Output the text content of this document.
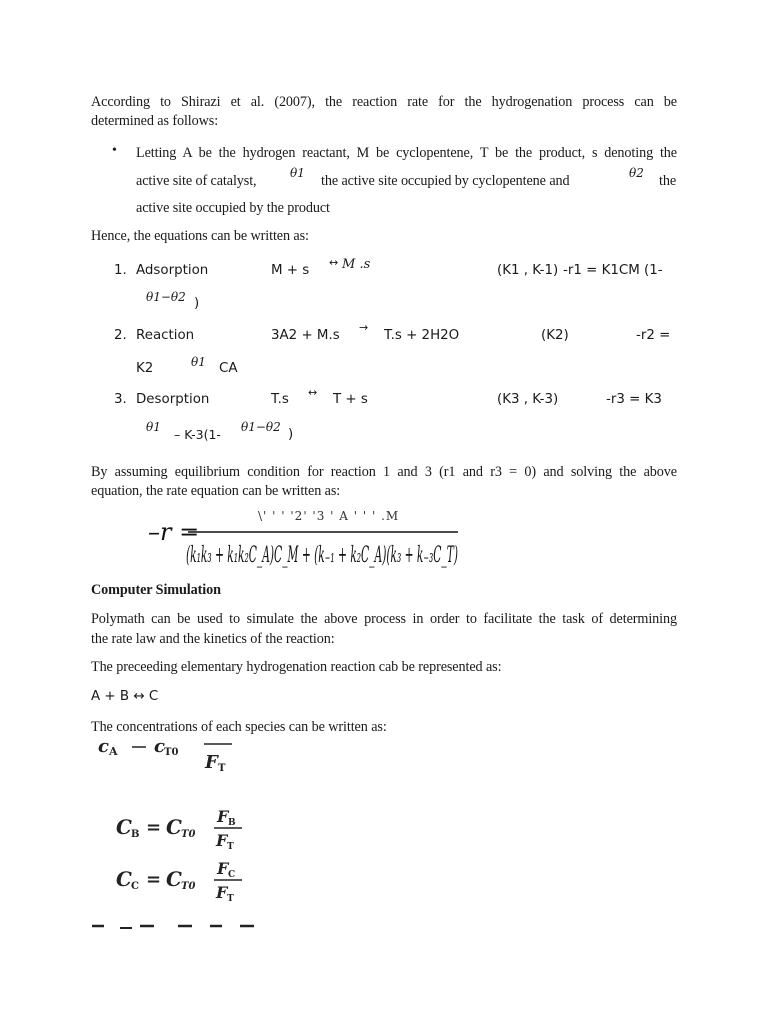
According to Shirazi et al. (2007), the reaction rate for the hydrogenation process can be
determined as follows:
• Letting A be the hydrogen reactant, M be cyclopentene, T be the product, s denoting the
active site of catalyst,	θ1 the active site occupied by cyclopentene and	θ2 the
active site occupied by the product
Hence, the equations can be written as:
1. Adsorption	M + s
↔ M .s	(K1 , K-1) -r1 = K1CM (1-
θ1−θ2 )
2. Reaction	3A2 + M.s
→
T.s + 2H2O	(K2)	-r2 =
K2	θ1 CA
3. Desorption	T.s ↔ T + s	(K3 , K-3)	-r3 = K3
θ1 – K-3(1- θ1−θ2 )
By assuming equilibrium condition for reaction 1 and 3 (r1 and r3 = 0) and solving the above
equation, the rate equation can be written as:
\' ' ' '2' '3 ' A ' ' ' .M
–r =
(k₁k₃ + k₁k₂C_A)C_M + (k₋₁ + k₂C_A)(k₃ + k₋₃C_T)
Computer Simulation
Polymath can be used to simulate the above process in order to facilitate the task of determining
the rate law and the kinetics of the reaction:
The preceeding elementary hydrogenation reaction cab be represented as:
A + B ↔ C
The concentrations of each species can be written as:
c A c T0 F T
C B = C T0
F B
F T
C C = C T0
F C
F T
